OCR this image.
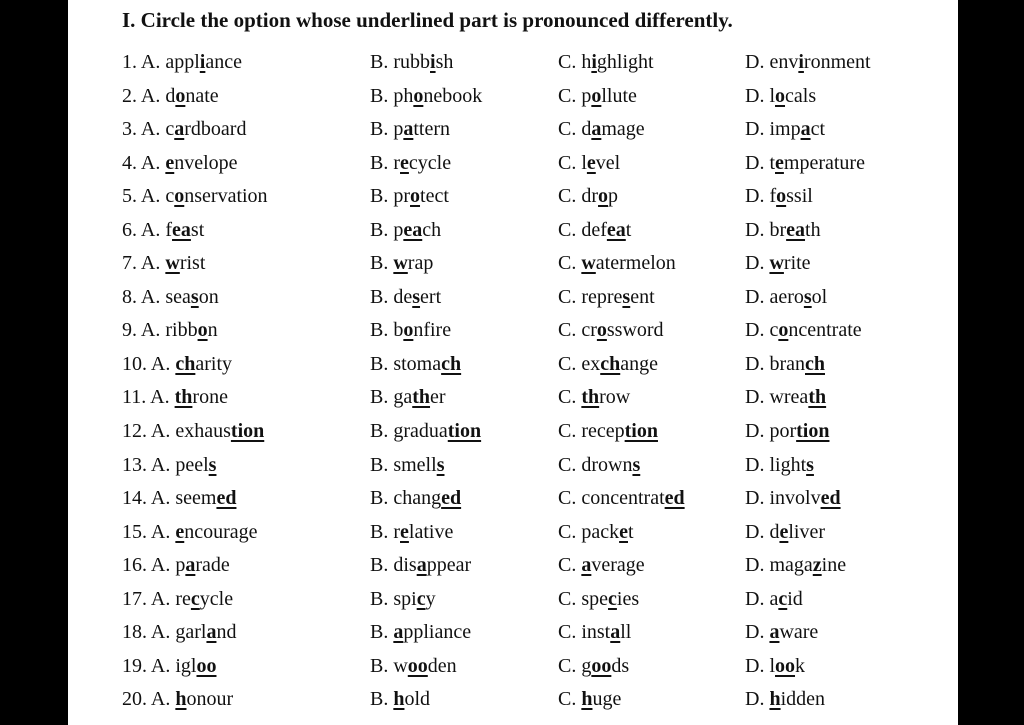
I. Circle the option whose underlined part is pronounced differently.
1. A. appliance	B. rubbish	C. highlight	D. environment
2. A. donate	B. phonebook	C. pollute	D. locals
3. A. cardboard	B. pattern	C. damage	D. impact
4. A. envelope	B. recycle	C. level	D. temperature
5. A. conservation	B. protect	C. drop	D. fossil
6. A. feast	B. peach	C. defeat	D. breath
7. A. wrist	B. wrap	C. watermelon	D. write
8. A. season	B. desert	C. represent	D. aerosol
9. A. ribbon	B. bonfire	C. crossword	D. concentrate
10. A. charity	B. stomach	C. exchange	D. branch
11. A. throne	B. gather	C. throw	D. wreath
12. A. exhaustion	B. graduation	C. reception	D. portion
13. A. peels	B. smells	C. drowns	D. lights
14. A. seemed	B. changed	C. concentrated	D. involved
15. A. encourage	B. relative	C. packet	D. deliver
16. A. parade	B. disappear	C. average	D. magazine
17. A. recycle	B. spicy	C. species	D. acid
18. A. garland	B. appliance	C. install	D. aware
19. A. igloo	B. wooden	C. goods	D. look
20. A. honour	B. hold	C. huge	D. hidden
